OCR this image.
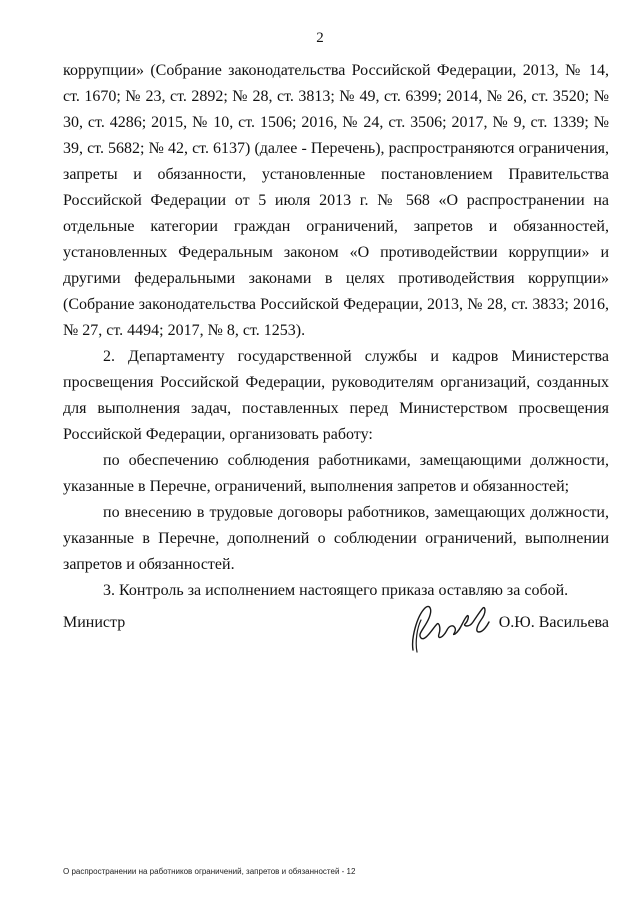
2

коррупции» (Собрание законодательства Российской Федерации, 2013, № 14, ст. 1670; № 23, ст. 2892; № 28, ст. 3813; № 49, ст. 6399; 2014, № 26, ст. 3520; № 30, ст. 4286; 2015, № 10, ст. 1506; 2016, № 24, ст. 3506; 2017, № 9, ст. 1339; № 39, ст. 5682; № 42, ст. 6137) (далее - Перечень), распространяются ограничения, запреты и обязанности, установленные постановлением Правительства Российской Федерации от 5 июля 2013 г. № 568 «О распространении на отдельные категории граждан ограничений, запретов и обязанностей, установленных Федеральным законом «О противодействии коррупции» и другими федеральными законами в целях противодействия коррупции» (Собрание законодательства Российской Федерации, 2013, № 28, ст. 3833; 2016, № 27, ст. 4494; 2017, № 8, ст. 1253).

2. Департаменту государственной службы и кадров Министерства просвещения Российской Федерации, руководителям организаций, созданных для выполнения задач, поставленных перед Министерством просвещения Российской Федерации, организовать работу:

по обеспечению соблюдения работниками, замещающими должности, указанные в Перечне, ограничений, выполнения запретов и обязанностей;

по внесению в трудовые договоры работников, замещающих должности, указанные в Перечне, дополнений о соблюдении ограничений, выполнении запретов и обязанностей.

3. Контроль за исполнением настоящего приказа оставляю за собой.

Министр	О.Ю. Васильева
О распространении на работников ограничений, запретов и обязанностей - 12
